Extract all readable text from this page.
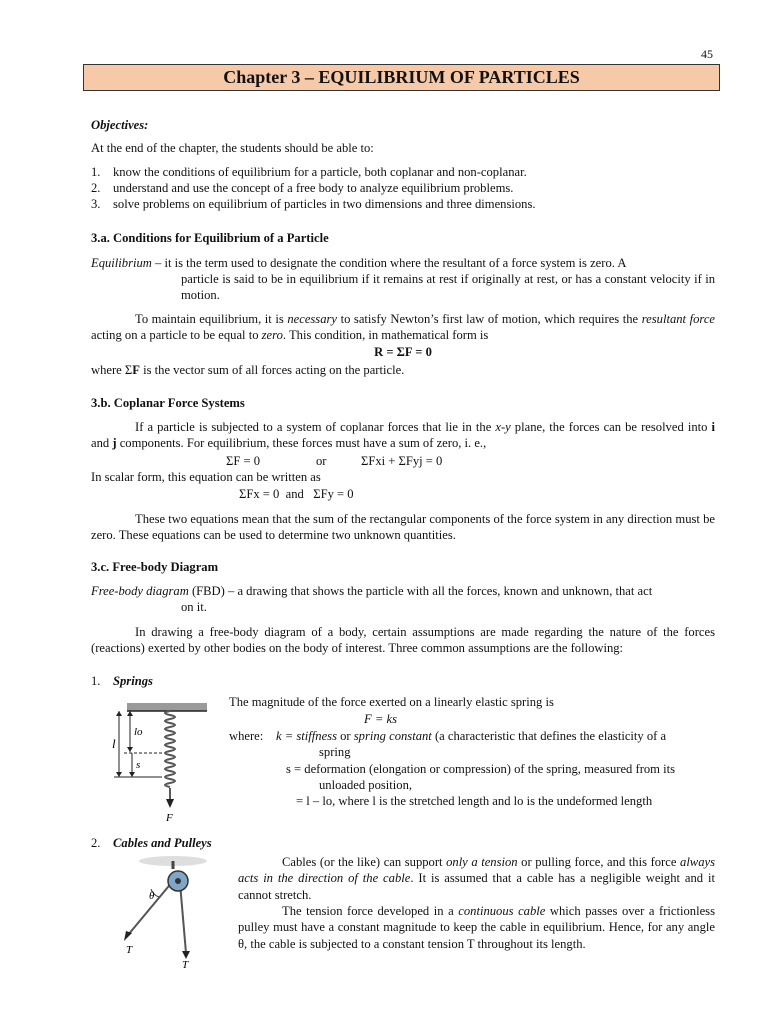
45
Chapter 3 – EQUILIBRIUM OF PARTICLES
Objectives:
At the end of the chapter, the students should be able to:
1. know the conditions of equilibrium for a particle, both coplanar and non-coplanar.
2. understand and use the concept of a free body to analyze equilibrium problems.
3. solve problems on equilibrium of particles in two dimensions and three dimensions.
3.a. Conditions for Equilibrium of a Particle
Equilibrium – it is the term used to designate the condition where the resultant of a force system is zero. A
particle is said to be in equilibrium if it remains at rest if originally at rest, or has a constant velocity if in motion.
To maintain equilibrium, it is necessary to satisfy Newton’s first law of motion, which requires the resultant force acting on a particle to be equal to zero. This condition, in mathematical form is
R = ΣF = 0
where ΣF is the vector sum of all forces acting on the particle.
3.b. Coplanar Force Systems
If a particle is subjected to a system of coplanar forces that lie in the x-y plane, the forces can be resolved into i and j components. For equilibrium, these forces must have a sum of zero, i. e.,
ΣF = 0	or	ΣFxi + ΣFyj = 0
In scalar form, this equation can be written as
ΣFx = 0  and   ΣFy = 0
These two equations mean that the sum of the rectangular components of the force system in any direction must be zero. These equations can be used to determine two unknown quantities.
3.c. Free-body Diagram
Free-body diagram (FBD) – a drawing that shows the particle with all the forces, known and unknown, that act
on it.
In drawing a free-body diagram of a body, certain assumptions are made regarding the nature of the forces (reactions) exerted by other bodies on the body of interest. Three common assumptions are the following:
1. Springs
l
lo
s
F
The magnitude of the force exerted on a linearly elastic spring is
F = ks
where: k = stiffness or spring constant (a characteristic that defines the elasticity of a
spring
s = deformation (elongation or compression) of the spring, measured from its
unloaded position,
= l – lo, where l is the stretched length and lo is the undeformed length
2. Cables and Pulleys
θ
T
T
Cables (or the like) can support only a tension or pulling force, and this force always acts in the direction of the cable. It is assumed that a cable has a negligible weight and it cannot stretch.
The tension force developed in a continuous cable which passes over a frictionless pulley must have a constant magnitude to keep the cable in equilibrium. Hence, for any angle θ, the cable is subjected to a constant tension T throughout its length.
